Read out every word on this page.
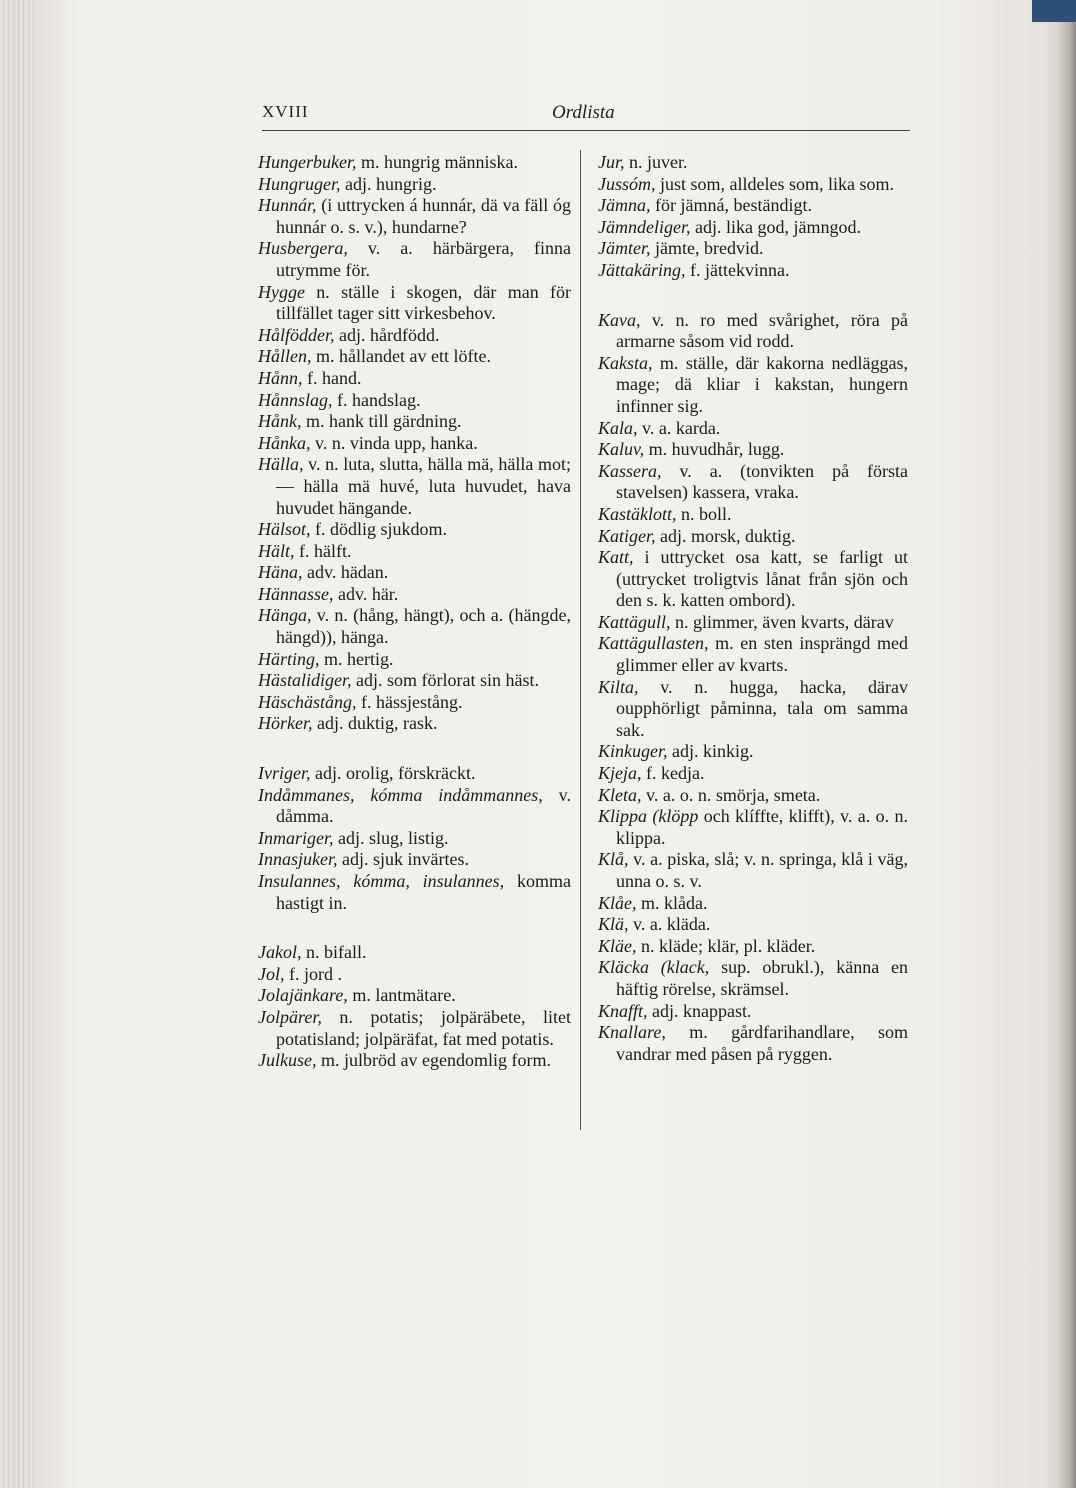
XVIII	Ordlista

Hungerbuker, m. hungrig människa.

Hungruger, adj. hungrig.

Hunnár, (i uttrycken á hunnár, dä va fäll óg hunnár o. s. v.), hundarne?

Husbergera, v. a. härbärgera, finna utrymme för.

Hygge n. ställe i skogen, där man för tillfället tager sitt virkesbehov.

Hålfödder, adj. hårdfödd.

Hållen, m. hållandet av ett löfte.

Hånn, f. hand.

Hånnslag, f. handslag.

Hånk, m. hank till gärdning.

Hånka, v. n. vinda upp, hanka.

Hälla, v. n. luta, slutta, hälla mä, hälla mot; — hälla mä huvé, luta huvudet, hava huvudet hängande.

Hälsot, f. dödlig sjukdom.

Hält, f. hälft.

Häna, adv. hädan.

Hännasse, adv. här.

Hänga, v. n. (hång, hängt), och a. (hängde, hängd)), hänga.

Härting, m. hertig.

Hästalidiger, adj. som förlorat sin häst.

Häschästång, f. hässjestång.

Hörker, adj. duktig, rask.

Ivriger, adj. orolig, förskräckt.

Indåmmanes, kómma indåmmannes, v. dåmma.

Inmariger, adj. slug, listig.

Innasjuker, adj. sjuk invärtes.

Insulannes, kómma, insulannes, komma hastigt in.

Jakol, n. bifall.

Jol, f. jord .

Jolajänkare, m. lantmätare.

Jolpärer, n. potatis; jolpäräbete, litet potatisland; jolpäräfat, fat med potatis.

Julkuse, m. julbröd av egendomlig form.

Jur, n. juver.

Jussóm, just som, alldeles som, lika som.

Jämna, för jämná, beständigt.

Jämndeliger, adj. lika god, jämngod.

Jämter, jämte, bredvid.

Jättakäring, f. jättekvinna.

Kava, v. n. ro med svårighet, röra på armarne såsom vid rodd.

Kaksta, m. ställe, där kakorna nedläggas, mage; dä kliar i kakstan, hungern infinner sig.

Kala, v. a. karda.

Kaluv, m. huvudhår, lugg.

Kassera, v. a. (tonvikten på första stavelsen) kassera, vraka.

Kastäklott, n. boll.

Katiger, adj. morsk, duktig.

Katt, i uttrycket osa katt, se farligt ut (uttrycket troligtvis lånat från sjön och den s. k. katten ombord).

Kattägull, n. glimmer, även kvarts, därav

Kattägullasten, m. en sten insprängd med glimmer eller av kvarts.

Kilta, v. n. hugga, hacka, därav oupphörligt påminna, tala om samma sak.

Kinkuger, adj. kinkig.

Kjeja, f. kedja.

Kleta, v. a. o. n. smörja, smeta.

Klippa (klöpp och klíffte, klifft), v. a. o. n. klippa.

Klå, v. a. piska, slå; v. n. springa, klå i väg, unna o. s. v.

Klåe, m. klåda.

Klä, v. a. kläda.

Kläe, n. kläde; klär, pl. kläder.

Kläcka (klack, sup. obrukl.), känna en häftig rörelse, skrämsel.

Knafft, adj. knappast.

Knallare, m. gårdfarihandlare, som vandrar med påsen på ryggen.
